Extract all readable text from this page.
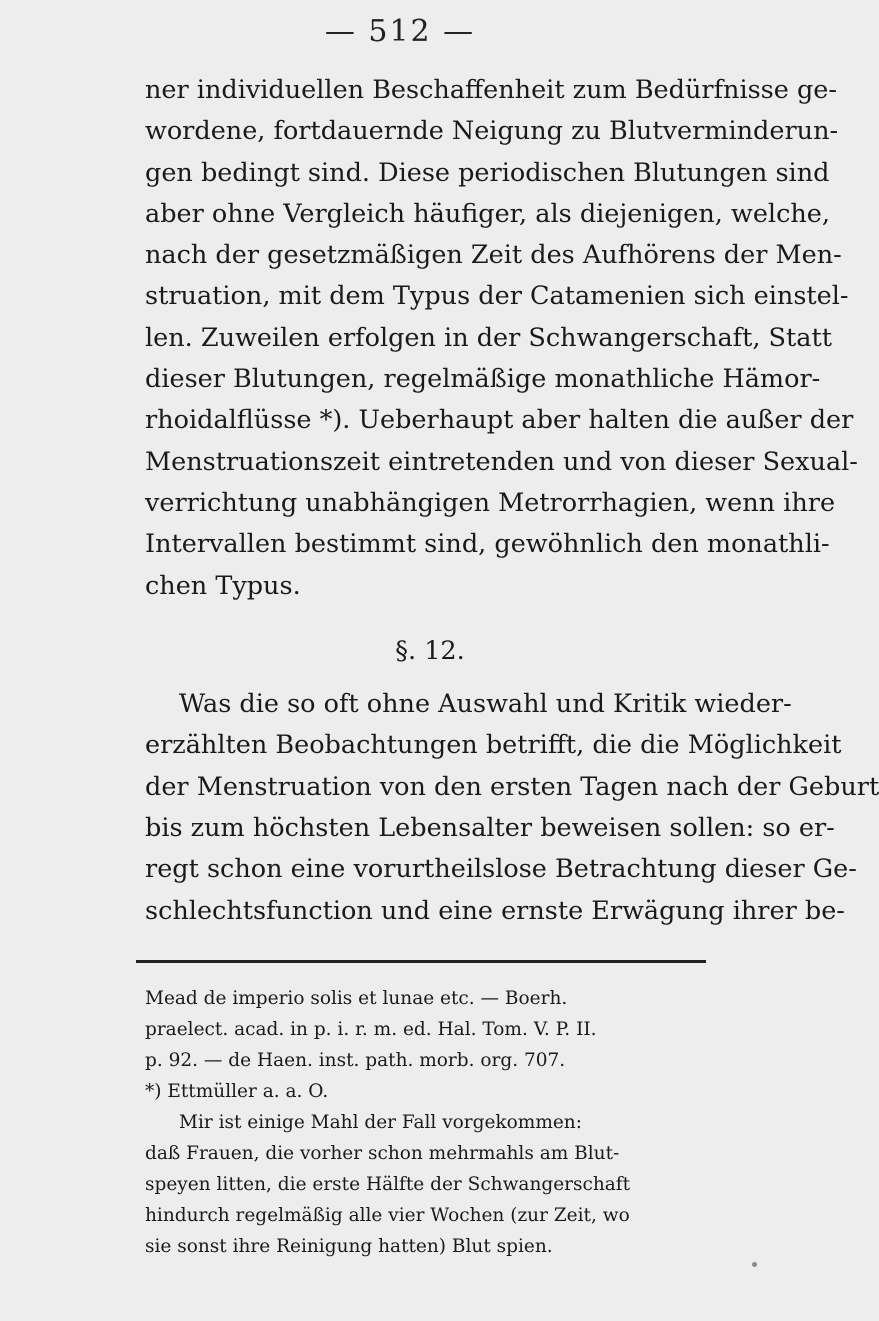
— 512 —
ner individuellen Beschaffenheit zum Bedürfnisse ge-
wordene, fortdauernde Neigung zu Blutverminderun-
gen bedingt sind. Diese periodischen Blutungen sind
aber ohne Vergleich häufiger, als diejenigen, welche,
nach der gesetzmäßigen Zeit des Aufhörens der Men-
struation, mit dem Typus der Catamenien sich einstel-
len. Zuweilen erfolgen in der Schwangerschaft, Statt
dieser Blutungen, regelmäßige monathliche Hämor-
rhoidalflüsse *). Ueberhaupt aber halten die außer der
Menstruationszeit eintretenden und von dieser Sexual-
verrichtung unabhängigen Metrorrhagien, wenn ihre
Intervallen bestimmt sind, gewöhnlich den monathli-
chen Typus.
§. 12.
Was die so oft ohne Auswahl und Kritik wieder-
erzählten Beobachtungen betrifft, die die Möglichkeit
der Menstruation von den ersten Tagen nach der Geburt
bis zum höchsten Lebensalter beweisen sollen: so er-
regt schon eine vorurtheilslose Betrachtung dieser Ge-
schlechtsfunction und eine ernste Erwägung ihrer be-
Mead de imperio solis et lunae etc. — Boerh.
praelect. acad. in p. i. r. m. ed. Hal. Tom. V. P. II.
p. 92. — de Haen. inst. path. morb. org. 707.
*) Ettmüller a. a. O.
Mir ist einige Mahl der Fall vorgekommen:
daß Frauen, die vorher schon mehrmahls am Blut-
speyen litten, die erste Hälfte der Schwangerschaft
hindurch regelmäßig alle vier Wochen (zur Zeit, wo
sie sonst ihre Reinigung hatten) Blut spien.
